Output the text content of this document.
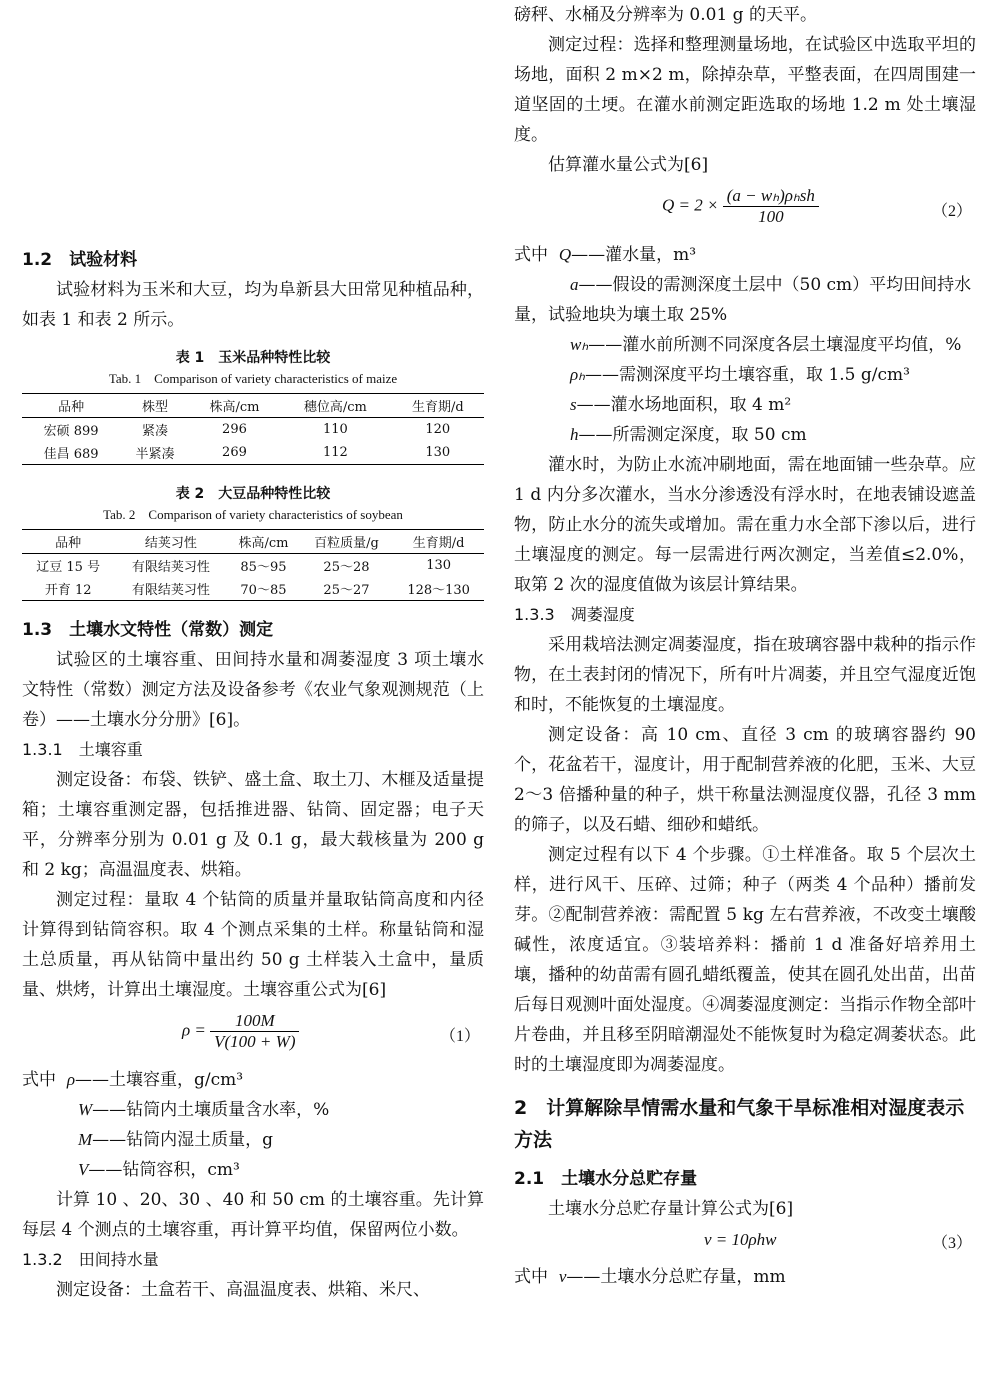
1.2　试验材料

试验材料为玉米和大豆，均为阜新县大田常见种植品种，如表 1 和表 2 所示。

表 1　玉米品种特性比较

Tab. 1　Comparison of variety characteristics of maize

品种	株型	株高/cm	穗位高/cm	生育期/d
宏硕 899	紧凑	296	110	120
佳昌 689	半紧凑	269	112	130

表 2　大豆品种特性比较

Tab. 2　Comparison of variety characteristics of soybean

品种	结荚习性	株高/cm	百粒质量/g	生育期/d
辽豆 15 号	有限结荚习性	85～95	25～28	130
开育 12	有限结荚习性	70～85	25～27	128～130

1.3　土壤水文特性（常数）测定

试验区的土壤容重、田间持水量和凋萎湿度 3 项土壤水文特性（常数）测定方法及设备参考《农业气象观测规范（上卷）——土壤水分分册》[6]。

1.3.1　土壤容重

测定设备：布袋、铁铲、盛土盒、取土刀、木榧及适量提箱；土壤容重测定器，包括推进器、钻筒、固定器；电子天平，分辨率分别为 0.01 g 及 0.1 g，最大载核量为 200 g 和 2 kg；高温温度表、烘箱。

测定过程：量取 4 个钻筒的质量并量取钻筒高度和内径计算得到钻筒容积。取 4 个测点采集的土样。称量钻筒和湿土总质量，再从钻筒中量出约 50 g 土样装入土盒中，量质量、烘烤，计算出土壤湿度。土壤容重公式为[6]

$\rho = \frac{100M}{V(100 + W)}$	（1）

式中 ρ——土壤容重，g/cm³

W——钻筒内土壤质量含水率，%

M——钻筒内湿土质量，g

V——钻筒容积，cm³

计算 10 、20、30 、40 和 50 cm 的土壤容重。先计算每层 4 个测点的土壤容重，再计算平均值，保留两位小数。

1.3.2　田间持水量

测定设备：土盒若干、高温温度表、烘箱、米尺、

磅秤、水桶及分辨率为 0.01 g 的天平。

测定过程：选择和整理测量场地，在试验区中选取平坦的场地，面积 2 m×2 m，除掉杂草，平整表面，在四周围建一道坚固的土埂。在灌水前测定距选取的场地 1.2 m 处土壤湿度。

估算灌水量公式为[6]

$Q = 2 \times \frac{\text{(a − wₕ)ρₕsh}}{100}$	（2）

式中 Q——灌水量，m³

a——假设的需测深度土层中（50 cm）平均田间持水量，试验地块为壤土取 25%

wₕ——灌水前所测不同深度各层土壤湿度平均值，%

ρₕ——需测深度平均土壤容重，取 1.5 g/cm³

s——灌水场地面积，取 4 m²

h——所需测定深度，取 50 cm

灌水时，为防止水流冲刷地面，需在地面铺一些杂草。应 1 d 内分多次灌水，当水分渗透没有浮水时，在地表铺设遮盖物，防止水分的流失或增加。需在重力水全部下渗以后，进行土壤湿度的测定。每一层需进行两次测定，当差值≤2.0%，取第 2 次的湿度值做为该层计算结果。

1.3.3　凋萎湿度

采用栽培法测定凋萎湿度，指在玻璃容器中栽种的指示作物，在土表封闭的情况下，所有叶片凋萎，并且空气湿度近饱和时，不能恢复的土壤湿度。

测定设备：高 10 cm、直径 3 cm 的玻璃容器约 90 个，花盆若干，湿度计，用于配制营养液的化肥，玉米、大豆 2～3 倍播种量的种子，烘干称量法测湿度仪器，孔径 3 mm 的筛子，以及石蜡、细砂和蜡纸。

测定过程有以下 4 个步骤。①土样准备。取 5 个层次土样，进行风干、压碎、过筛；种子（两类 4 个品种）播前发芽。②配制营养液：需配置 5 kg 左右营养液，不改变土壤酸碱性，浓度适宜。③装培养料：播前 1 d 准备好培养用土壤，播种的幼苗需有圆孔蜡纸覆盖，使其在圆孔处出苗，出苗后每日观测叶面处湿度。④凋萎湿度测定：当指示作物全部叶片卷曲，并且移至阴暗潮湿处不能恢复时为稳定凋萎状态。此时的土壤湿度即为凋萎湿度。

2　计算解除旱情需水量和气象干旱标准相对湿度表示方法

2.1　土壤水分总贮存量

土壤水分总贮存量计算公式为[6]

v = 10ρhw	（3）

式中 v——土壤水分总贮存量，mm
